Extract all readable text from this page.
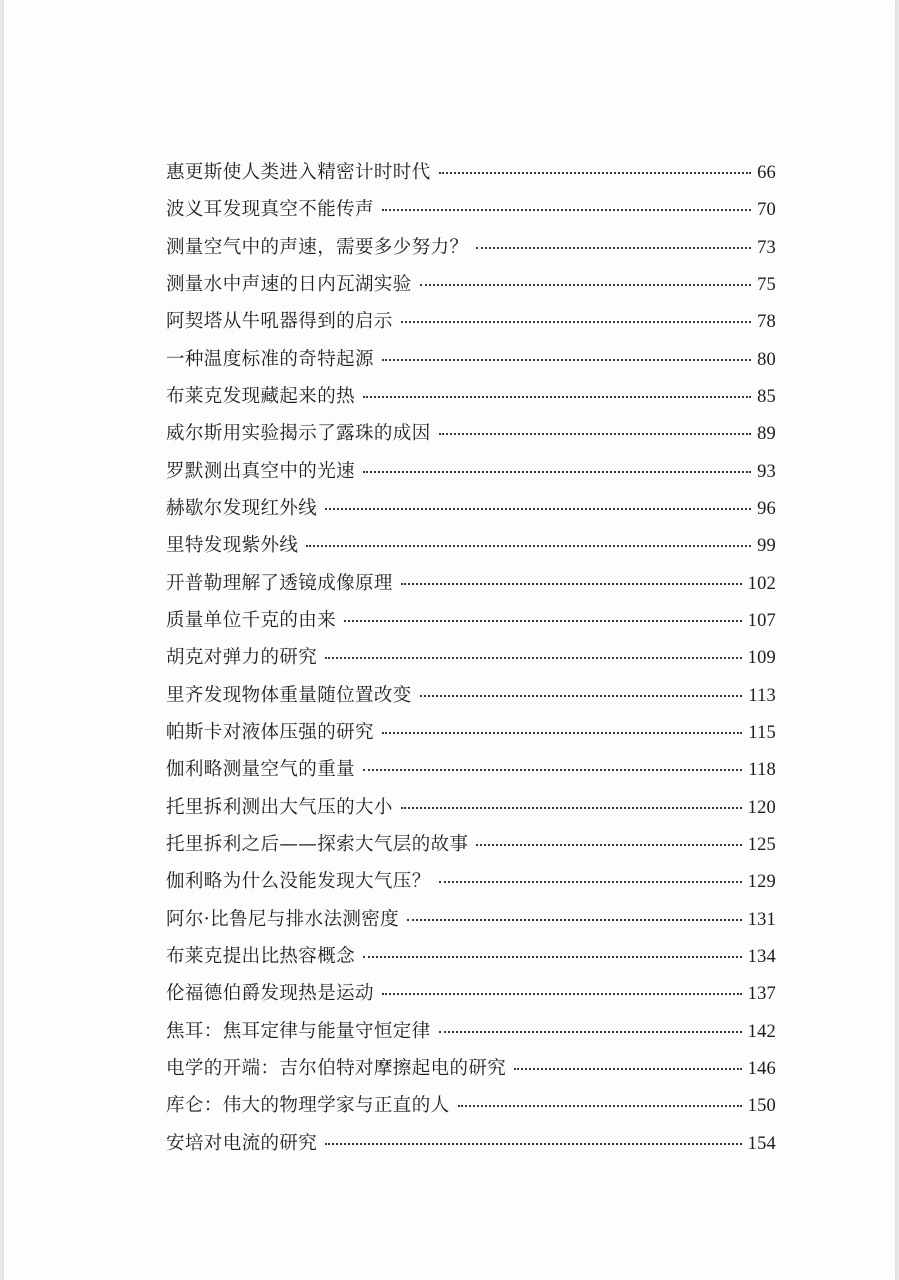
惠更斯使人类进入精密计时时代	66
波义耳发现真空不能传声	70
测量空气中的声速，需要多少努力？	73
测量水中声速的日内瓦湖实验	75
阿契塔从牛吼器得到的启示	78
一种温度标准的奇特起源	80
布莱克发现藏起来的热	85
威尔斯用实验揭示了露珠的成因	89
罗默测出真空中的光速	93
赫歇尔发现红外线	96
里特发现紫外线	99
开普勒理解了透镜成像原理	102
质量单位千克的由来	107
胡克对弹力的研究	109
里齐发现物体重量随位置改变	113
帕斯卡对液体压强的研究	115
伽利略测量空气的重量	118
托里拆利测出大气压的大小	120
托里拆利之后——探索大气层的故事	125
伽利略为什么没能发现大气压？	129
阿尔·比鲁尼与排水法测密度	131
布莱克提出比热容概念	134
伦福德伯爵发现热是运动	137
焦耳：焦耳定律与能量守恒定律	142
电学的开端：吉尔伯特对摩擦起电的研究	146
库仑：伟大的物理学家与正直的人	150
安培对电流的研究	154
